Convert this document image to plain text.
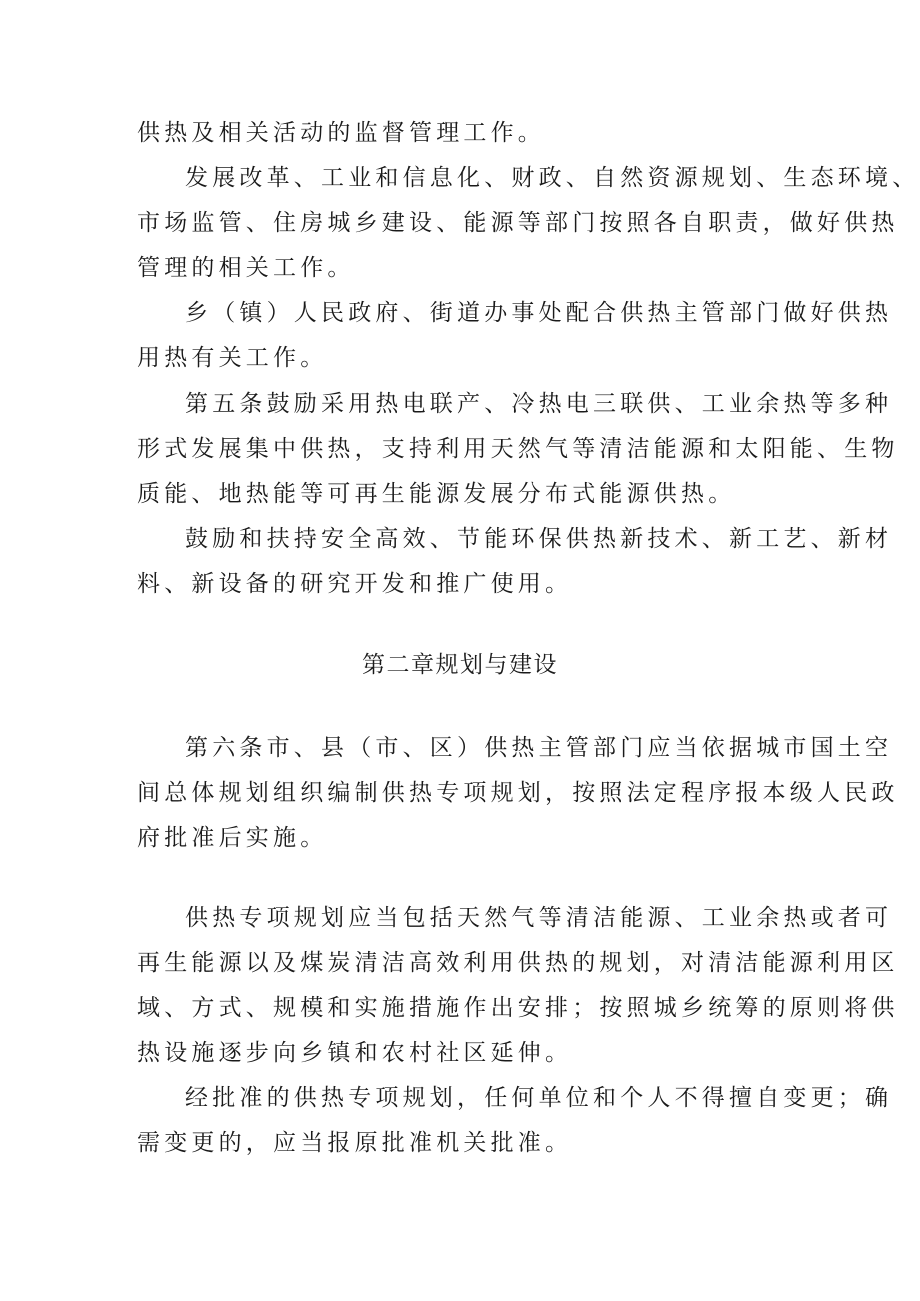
供热及相关活动的监督管理工作。

发展改革、工业和信息化、财政、自然资源规划、生态环境、

市场监管、住房城乡建设、能源等部门按照各自职责，做好供热

管理的相关工作。

乡（镇）人民政府、街道办事处配合供热主管部门做好供热

用热有关工作。

第五条鼓励采用热电联产、冷热电三联供、工业余热等多种

形式发展集中供热，支持利用天然气等清洁能源和太阳能、生物

质能、地热能等可再生能源发展分布式能源供热。

鼓励和扶持安全高效、节能环保供热新技术、新工艺、新材

料、新设备的研究开发和推广使用。

第二章规划与建设

第六条市、县（市、区）供热主管部门应当依据城市国土空

间总体规划组织编制供热专项规划，按照法定程序报本级人民政

府批准后实施。

供热专项规划应当包括天然气等清洁能源、工业余热或者可

再生能源以及煤炭清洁高效利用供热的规划，对清洁能源利用区

域、方式、规模和实施措施作出安排；按照城乡统筹的原则将供

热设施逐步向乡镇和农村社区延伸。

经批准的供热专项规划，任何单位和个人不得擅自变更；确

需变更的，应当报原批准机关批准。
